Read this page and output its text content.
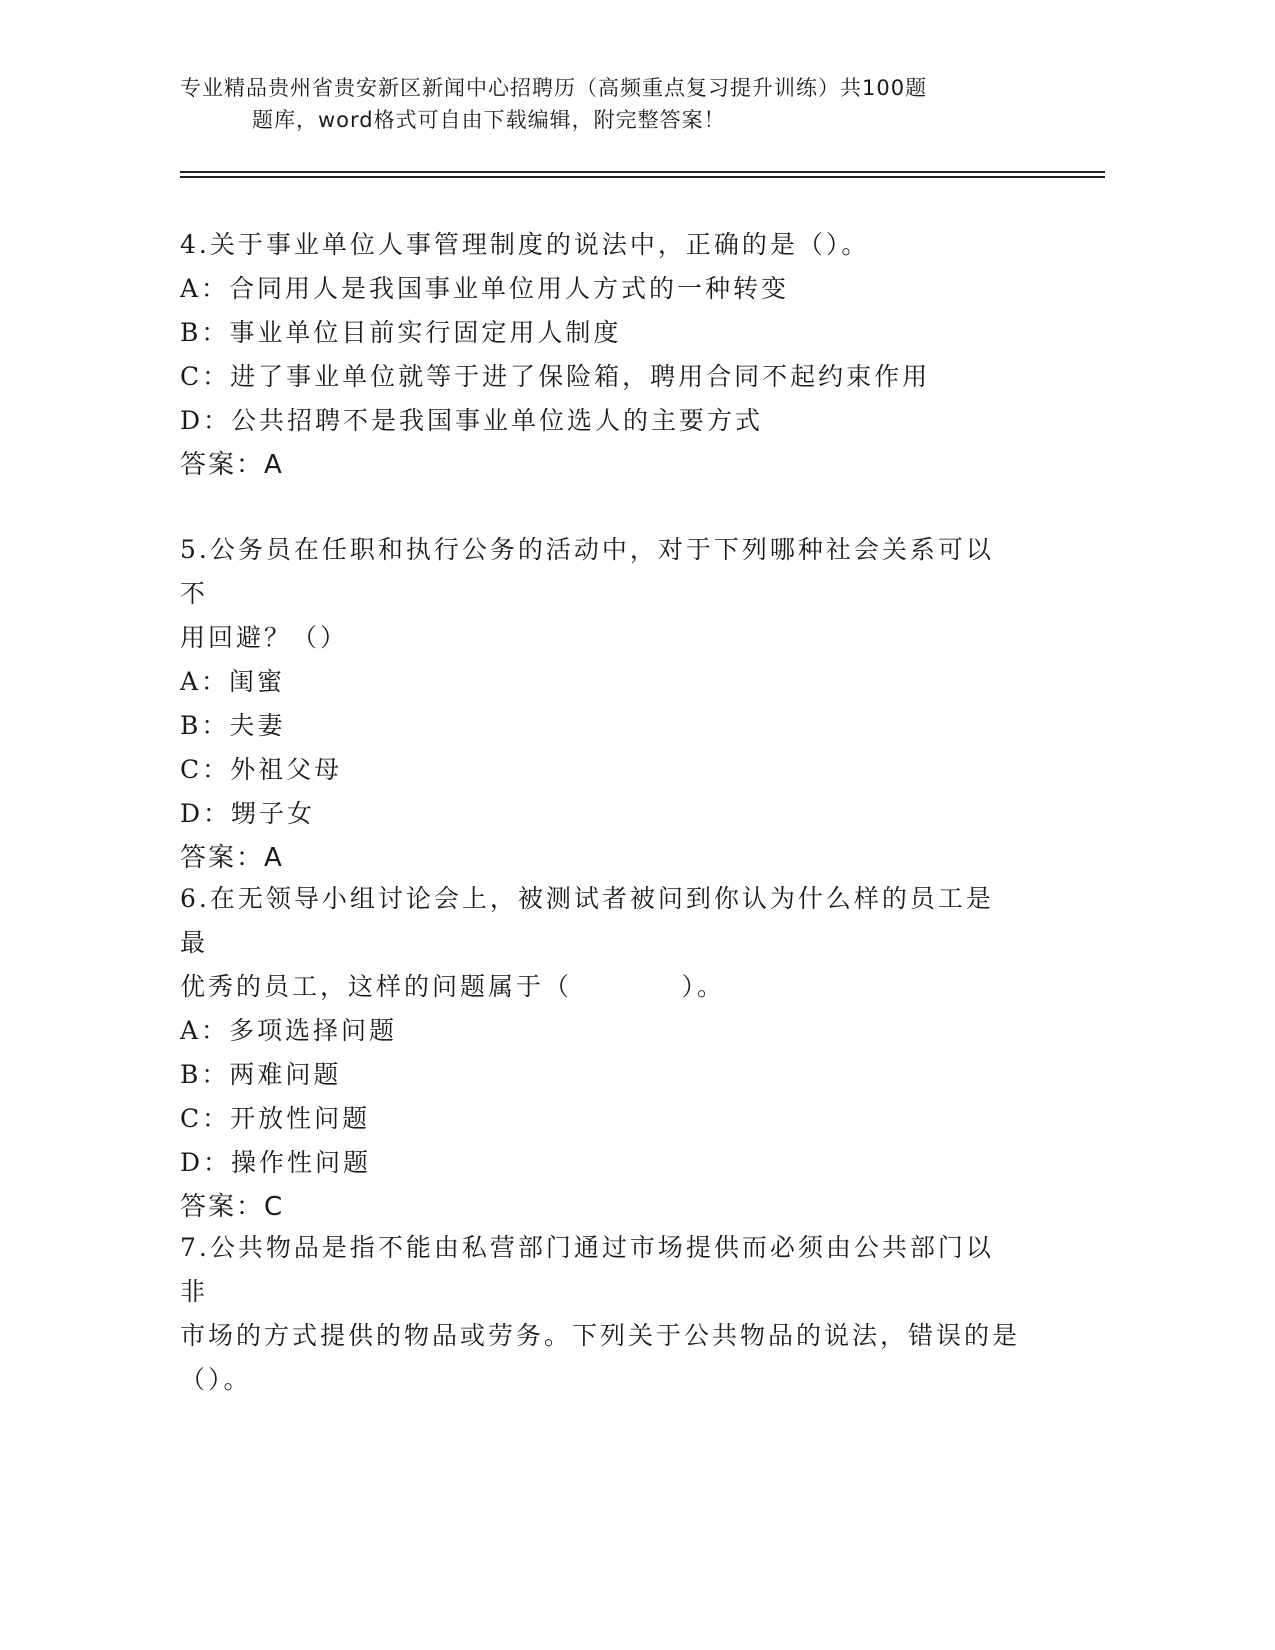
专业精品贵州省贵安新区新闻中心招聘历（高频重点复习提升训练）共100题
题库，word格式可自由下载编辑，附完整答案！
4.关于事业单位人事管理制度的说法中，正确的是（）。
A：合同用人是我国事业单位用人方式的一种转变
B：事业单位目前实行固定用人制度
C：进了事业单位就等于进了保险箱，聘用合同不起约束作用
D：公共招聘不是我国事业单位选人的主要方式
答案：A
5.公务员在任职和执行公务的活动中，对于下列哪种社会关系可以不
用回避？（）
A：闺蜜
B：夫妻
C：外祖父母
D：甥子女
答案：A
6.在无领导小组讨论会上，被测试者被问到你认为什么样的员工是最
优秀的员工，这样的问题属于（          ）。
A：多项选择问题
B：两难问题
C：开放性问题
D：操作性问题
答案：C
7.公共物品是指不能由私营部门通过市场提供而必须由公共部门以非
市场的方式提供的物品或劳务。下列关于公共物品的说法，错误的是
（）。
